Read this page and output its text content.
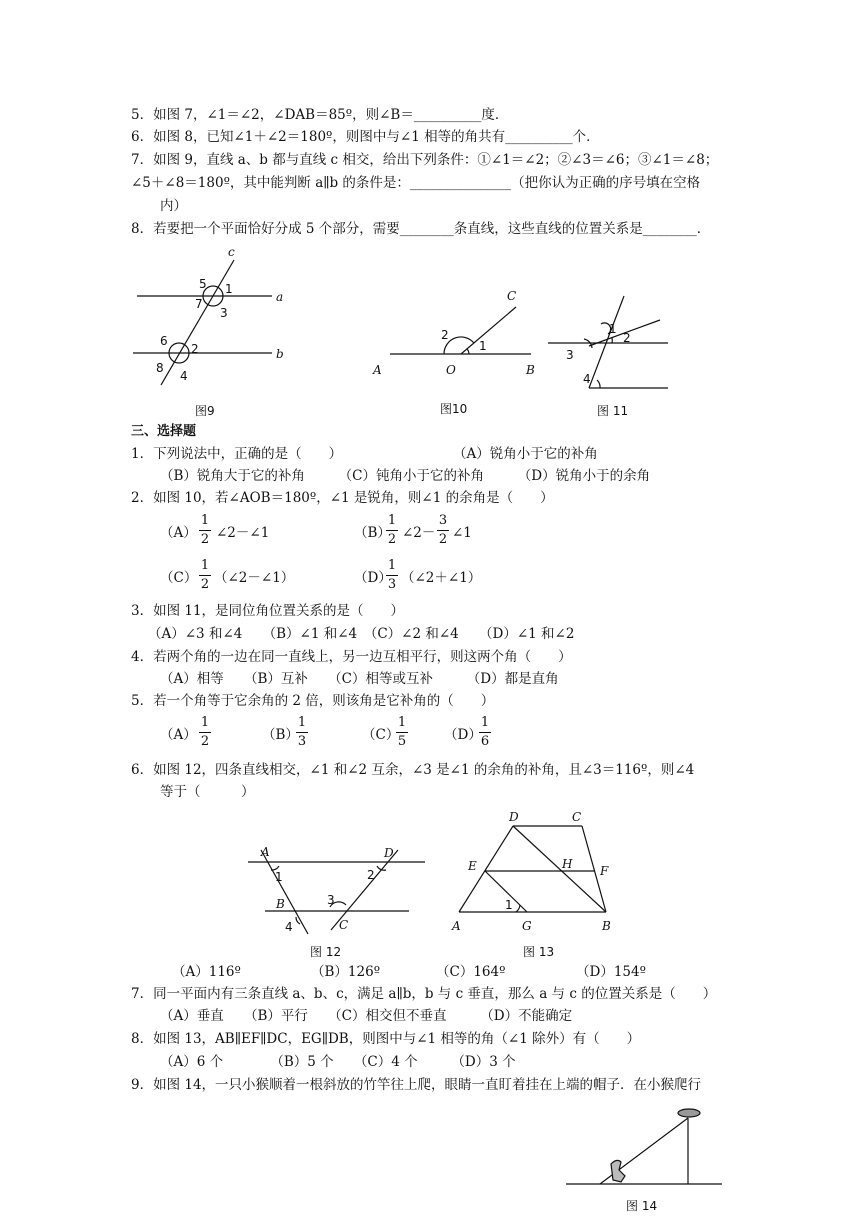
5．如图 7，∠1＝∠2，∠DAB＝85º，则∠B＝__________度．
6．如图 8，已知∠1＋∠2＝180º，则图中与∠1 相等的角共有__________个．
7．如图 9，直线 a、b 都与直线 c 相交，给出下列条件：①∠1＝∠2；②∠3＝∠6；③∠1＝∠8；
∠5＋∠8＝180º，其中能判断 a∥b 的条件是：_______________（把你认为正确的序号填在空格
内）
8．若要把一个平面恰好分成 5 个部分，需要________条直线，这些直线的位置关系是________．
c
5 1
a
7
3
6
2	b
8
4
C
2
1
A	O	B
1
2
3
4
A	D
1	2
3
B
C
4
D	C
E	H F
1
A	G	B
图9	图10	图 11
三、选择题
1．下列说法中，正确的是（　　）	（A）锐角小于它的补角
（B）锐角大于它的补角　　　（C）钝角小于它的补角　　　（D）锐角小于的余角
2．如图 10，若∠AOB＝180º，∠1 是锐角，则∠1 的余角是（　　）
（A）
1
2 ∠2－∠1	（B）
1
2 ∠2－
3
2 ∠1
（C）
1
2 （∠2－∠1）	（D）
1
3 （∠2＋∠1）
3．如图 11，是同位角位置关系的是（　　）
（A）∠3 和∠4　　（B）∠1 和∠4　（C）∠2 和∠4　　（D）∠1 和∠2
4．若两个角的一边在同一直线上，另一边互相平行，则这两个角（　　）
（A）相等　　（B）互补　　（C）相等或互补　　　（D）都是直角
5．若一个角等于它余角的 2 倍，则该角是它补角的（　　）
（A）
1
2	（B）
1
3	（C）
1
5	（D）
1
6
6．如图 12，四条直线相交，∠1 和∠2 互余，∠3 是∠1 的余角的补角，且∠3＝116º，则∠4
等于（　　　）
图 12	图 13
（A）116º	（B）126º	（C）164º	（D）154º
7．同一平面内有三条直线 a、b、c，满足 a∥b，b 与 c 垂直，那么 a 与 c 的位置关系是（　　）
（A）垂直　　（B）平行　　（C）相交但不垂直　　　（D）不能确定
8．如图 13，AB∥EF∥DC，EG∥DB，则图中与∠1 相等的角（∠1 除外）有（　　）
（A）6 个　　　　（B）5 个　　（C）4 个　　　（D）3 个
9．如图 14，一只小猴顺着一根斜放的竹竿往上爬，眼睛一直盯着挂在上端的帽子．在小猴爬行
图 14
